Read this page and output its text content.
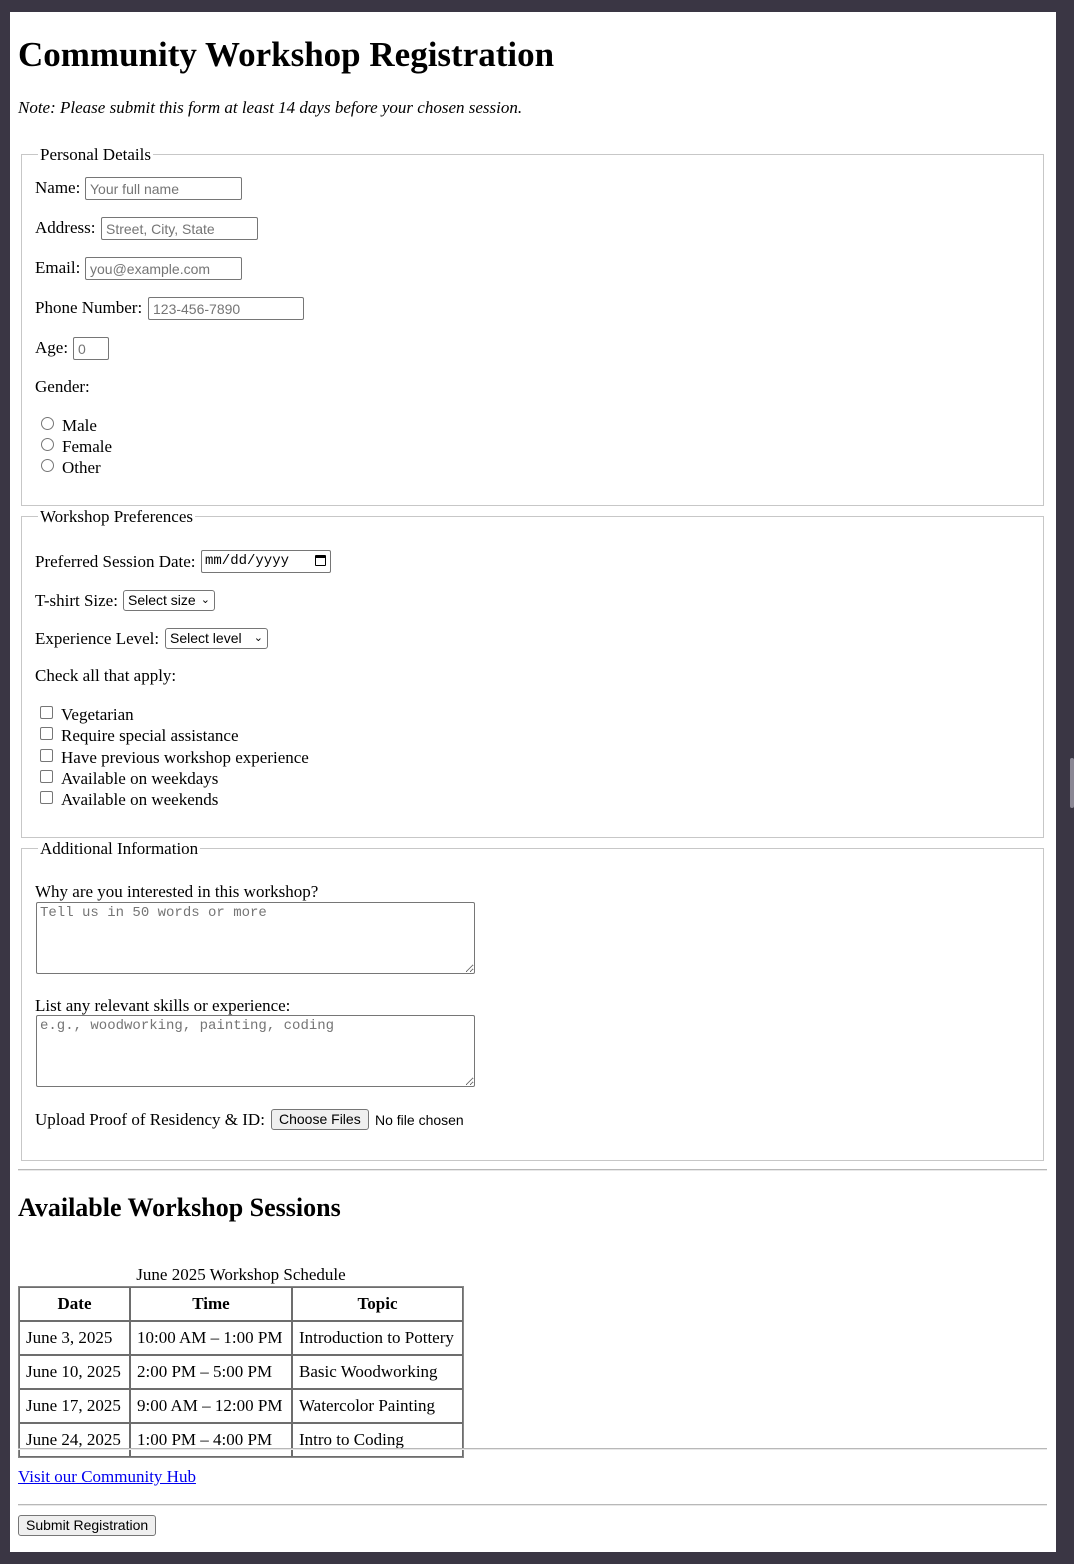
Community Workshop Registration
Note: Please submit this form at least 14 days before your chosen session.
Personal Details
Name:
Your full name
Address:
Street, City, State
Email:
you@example.com
Phone Number:
123-456-7890
Age:
0
Gender:
Male
Female
Other
Workshop Preferences
Preferred Session Date: mm/dd/yyyy
T-shirt Size: Select size ⌄
Experience Level: Select level ⌄
Check all that apply:
Vegetarian
Require special assistance
Have previous workshop experience
Available on weekdays
Available on weekends
Additional Information
Why are you interested in this workshop?
Tell us in 50 words or more
List any relevant skills or experience:
e.g., woodworking, painting, coding
Upload Proof of Residency & ID:	Choose Files	No file chosen
Available Workshop Sessions
June 2025 Workshop Schedule
Date	Time	Topic
June 3, 2025	10:00 AM – 1:00 PM	Introduction to Pottery
June 10, 2025	2:00 PM – 5:00 PM	Basic Woodworking
June 17, 2025	9:00 AM – 12:00 PM	Watercolor Painting
June 24, 2025	1:00 PM – 4:00 PM	Intro to Coding
Visit our Community Hub
Submit Registration
